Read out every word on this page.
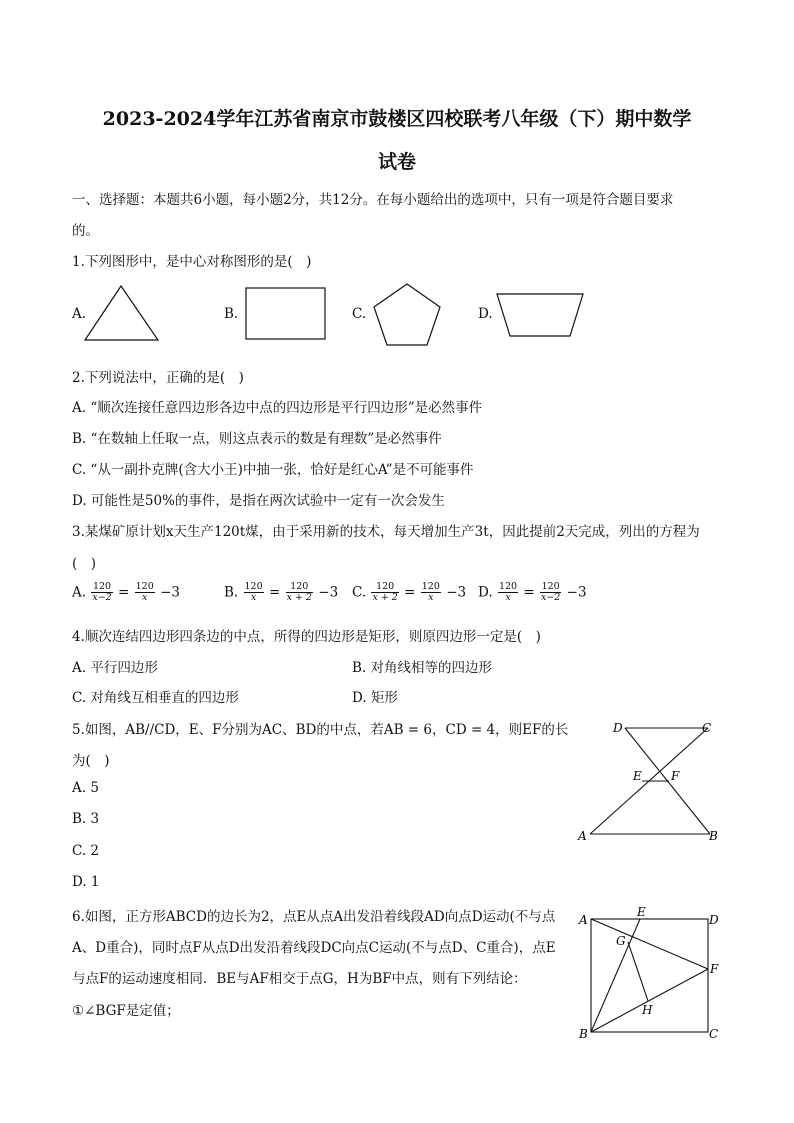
2023-2024学年江苏省南京市鼓楼区四校联考八年级（下）期中数学
试卷
一、选择题：本题共6小题，每小题2分，共12分。在每小题给出的选项中，只有一项是符合题目要求
的。
1.下列图形中，是中心对称图形的是(　)
A.	B.	C.	D.
2.下列说法中，正确的是(　)
A. “顺次连接任意四边形各边中点的四边形是平行四边形”是必然事件
B. “在数轴上任取一点，则这点表示的数是有理数”是必然事件
C. “从一副扑克牌(含大小王)中抽一张，恰好是红心A”是不可能事件
D. 可能性是50%的事件，是指在两次试验中一定有一次会发生
3.某煤矿原计划x天生产120t煤，由于采用新的技术，每天增加生产3t，因此提前2天完成，列出的方程为
(　)
A. $\frac{120}{x-2} = \frac{120}{x} -3$	B. $\frac{120}{x} = \frac{120}{x + 2} -3$ C. $\frac{120}{x + 2} = \frac{120}{x} -3$ D. $\frac{120}{x} = \frac{120}{x-2} -3$
4.顺次连结四边形四条边的中点，所得的四边形是矩形，则原四边形一定是(　)
A. 平行四边形	B. 对角线相等的四边形
C. 对角线互相垂直的四边形	D. 矩形
5.如图，AB//CD，E、F分别为AC、BD的中点，若AB = 6，CD = 4，则EF的长
为(　)
A. 5
B. 3
C. 2
D. 1
D	C
E F
A	B
6.如图，正方形ABCD的边长为2，点E从点A出发沿着线段AD向点D运动(不与点
A、D重合)，同时点F从点D出发沿着线段DC向点C运动(不与点D、C重合)，点E
与点F的运动速度相同．BE与AF相交于点G，H为BF中点，则有下列结论：
①∠BGF是定值；
A
E
D
G
F
H
B	C
